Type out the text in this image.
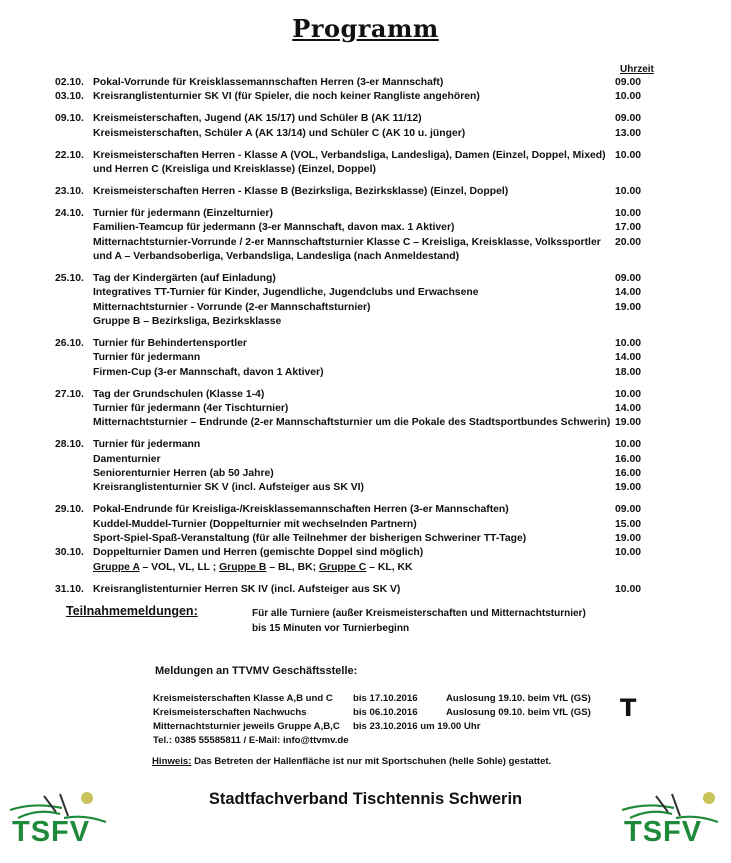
Programm
Uhrzeit
02.10. Pokal-Vorrunde für Kreisklassemannschaften Herren (3-er Mannschaft)	09.00
03.10. Kreisranglistenturnier SK VI (für Spieler, die noch keiner Rangliste angehören)	10.00
09.10. Kreismeisterschaften, Jugend (AK 15/17) und Schüler B (AK 11/12)	09.00
Kreismeisterschaften, Schüler A (AK 13/14) und Schüler C (AK 10 u. jünger)	13.00
22.10. Kreismeisterschaften Herren - Klasse A (VOL, Verbandsliga, Landesliga), Damen (Einzel, Doppel, Mixed) 10.00
und Herren C (Kreisliga und Kreisklasse) (Einzel, Doppel)
23.10. Kreismeisterschaften Herren - Klasse B (Bezirksliga, Bezirksklasse) (Einzel, Doppel)	10.00
24.10. Turnier für jedermann (Einzelturnier)	10.00
Familien-Teamcup für jedermann (3-er Mannschaft, davon max. 1 Aktiver)	17.00
Mitternachtsturnier-Vorrunde / 2-er Mannschaftsturnier Klasse C – Kreisliga, Kreisklasse, Volkssportler	20.00
und A – Verbandsoberliga, Verbandsliga, Landesliga (nach Anmeldestand)
25.10. Tag der Kindergärten (auf Einladung)	09.00
Integratives TT-Turnier für Kinder, Jugendliche, Jugendclubs und Erwachsene	14.00
Mitternachtsturnier - Vorrunde (2-er Mannschaftsturnier)	19.00
Gruppe B – Bezirksliga, Bezirksklasse
26.10. Turnier für Behindertensportler	10.00
Turnier für jedermann	14.00
Firmen-Cup (3-er Mannschaft, davon 1 Aktiver)	18.00
27.10. Tag der Grundschulen (Klasse 1-4)	10.00
Turnier für jedermann (4er Tischturnier)	14.00
Mitternachtsturnier – Endrunde (2-er Mannschaftsturnier um die Pokale des Stadtsportbundes Schwerin) 19.00
28.10. Turnier für jedermann	10.00
Damenturnier	16.00
Seniorenturnier Herren (ab 50 Jahre)	16.00
Kreisranglistenturnier SK V (incl. Aufsteiger aus SK VI)	19.00
29.10. Pokal-Endrunde für Kreisliga-/Kreisklassemannschaften Herren (3-er Mannschaften)	09.00
Kuddel-Muddel-Turnier (Doppelturnier mit wechselnden Partnern)	15.00
Sport-Spiel-Spaß-Veranstaltung (für alle Teilnehmer der bisherigen Schweriner TT-Tage)	19.00
30.10. Doppelturnier Damen und Herren (gemischte Doppel sind möglich)	10.00
Gruppe A – VOL, VL, LL ; Gruppe B – BL, BK; Gruppe C – KL, KK
31.10. Kreisranglistenturnier Herren SK IV (incl. Aufsteiger aus SK V)	10.00
Teilnahmemeldungen:	Für alle Turniere (außer Kreismeisterschaften und Mitternachtsturnier)
bis 15 Minuten vor Turnierbeginn
Meldungen an TTVMV Geschäftsstelle:
Kreismeisterschaften Klasse A,B und C	bis 17.10.2016	Auslosung 19.10. beim VfL (GS)
Kreismeisterschaften Nachwuchs	bis 06.10.2016	Auslosung 09.10. beim VfL (GS)
Mitternachtsturnier jeweils Gruppe A,B,C	bis 23.10.2016 um 19.00 Uhr
Tel.: 0385 55585811 / E-Mail: info@ttvmv.de
T
Hinweis: Das Betreten der Hallenfläche ist nur mit Sportschuhen (helle Sohle) gestattet.
Stadtfachverband Tischtennis Schwerin
TSFV	TSFV
